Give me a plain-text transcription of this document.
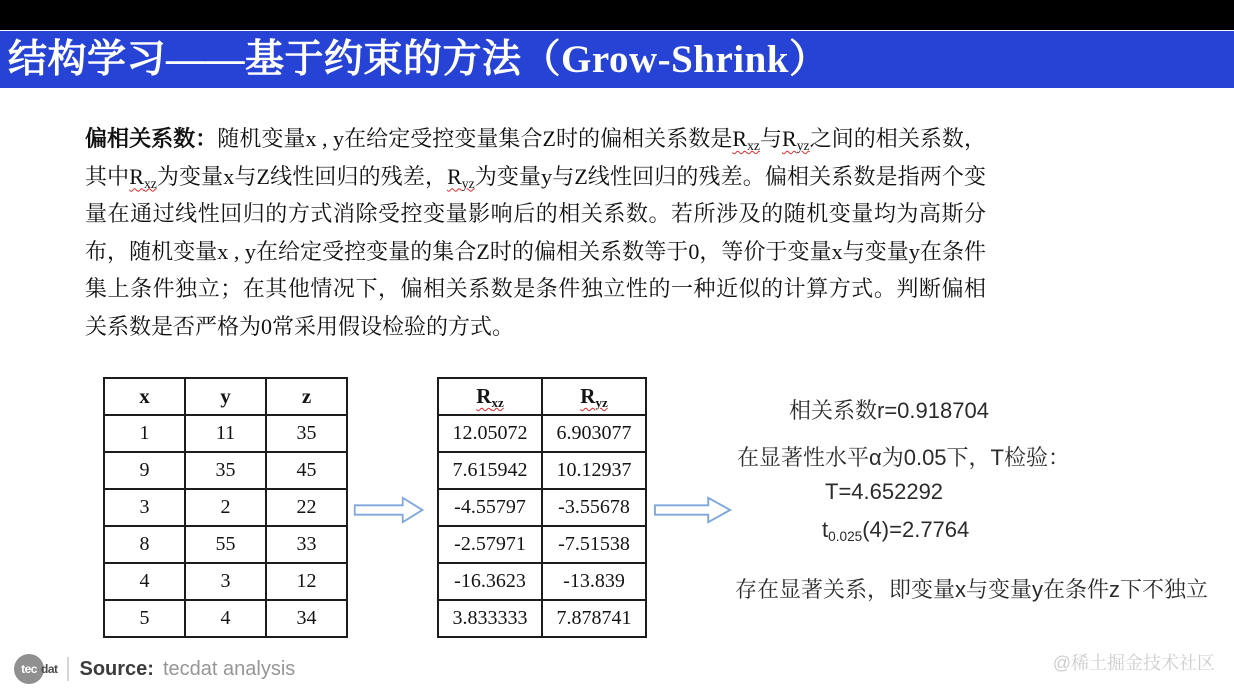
结构学习——基于约束的方法（Grow-Shrink）
偏相关系数：随机变量x , y在给定受控变量集合Z时的偏相关系数是$R_{xz}$与$R_{yz}$之间的相关系数，其中$R_{xz}$为变量x与Z线性回归的残差，$R_{yz}$为变量y与Z线性回归的残差。偏相关系数是指两个变量在通过线性回归的方式消除受控变量影响后的相关系数。若所涉及的随机变量均为高斯分布，随机变量x , y在给定受控变量的集合Z时的偏相关系数等于0，等价于变量x与变量y在条件集上条件独立；在其他情况下，偏相关系数是条件独立性的一种近似的计算方式。判断偏相关系数是否严格为0常采用假设检验的方式。
x	y	z
1	11	35
9	35	45
3	2	22
8	55	33
4	3	12
5	4	34
$R_{xz}$	$R_{yz}$
12.05072	6.903077
7.615942	10.12937
-4.55797	-3.55678
-2.57971	-7.51538
-16.3623	-13.839
3.833333	7.878741
相关系数r=0.918704
在显著性水平α为0.05下，T检验：
T=4.652292
$t_{0.025}(4)=2.7764$
存在显著关系，即变量x与变量y在条件z下不独立
tec dat Source: tecdat analysis	@稀土掘金技术社区
